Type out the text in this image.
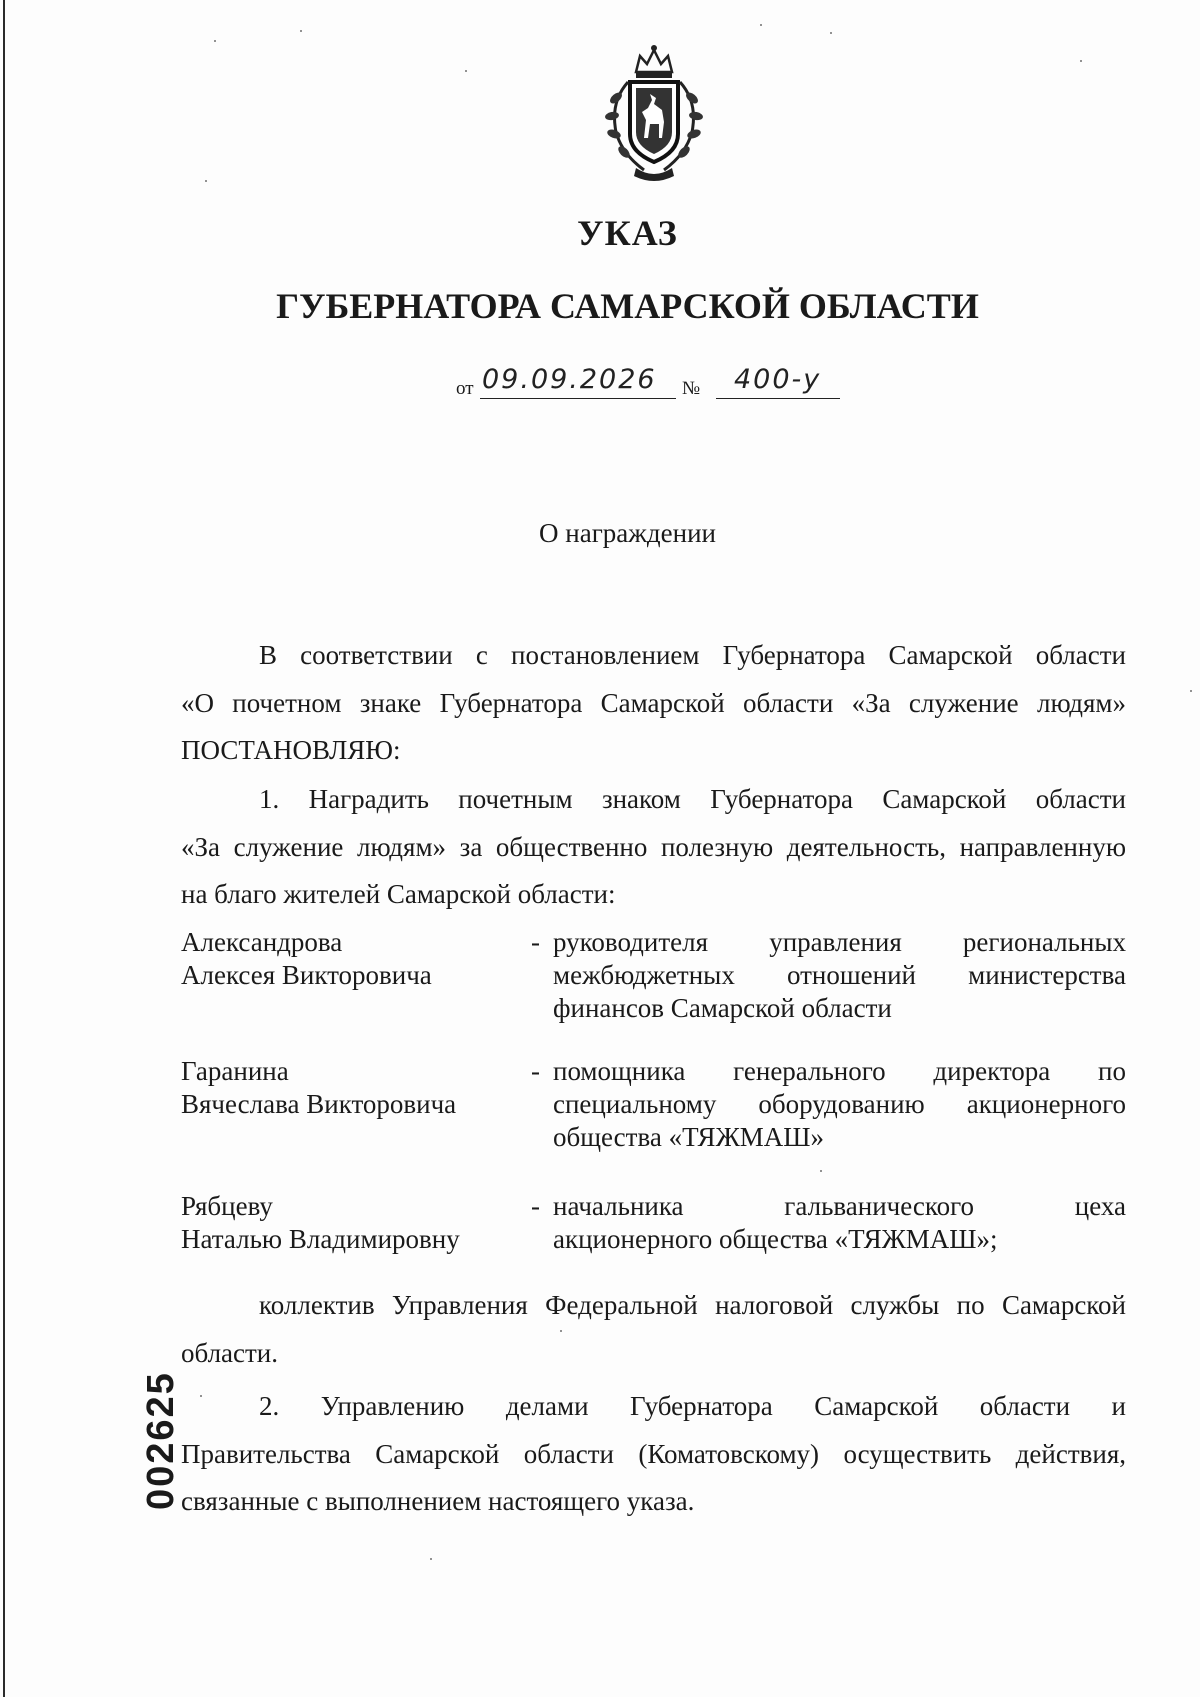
УКАЗ
ГУБЕРНАТОРА САМАРСКОЙ ОБЛАСТИ
от 09.09.2026 № 400-у
О награждении
В соответствии с постановлением Губернатора Самарской области
«О почетном знаке Губернатора Самарской области «За служение людям»
ПОСТАНОВЛЯЮ:
1. Наградить почетным знаком Губернатора Самарской области
«За служение людям» за общественно полезную деятельность, направленную
на благо жителей Самарской области:
Александрова
Алексея Викторовича
- руководителя управления региональных
межбюджетных отношений министерства
финансов Самарской области
Гаранина
Вячеслава Викторовича
- помощника генерального директора по
специальному оборудованию акционерного
общества «ТЯЖМАШ»
Рябцеву
Наталью Владимировну
- начальника гальванического цеха
акционерного общества «ТЯЖМАШ»;
коллектив Управления Федеральной налоговой службы по Самарской
области.
2. Управлению делами Губернатора Самарской области и
Правительства Самарской области (Коматовскому) осуществить действия,
связанные с выполнением настоящего указа.
002625
